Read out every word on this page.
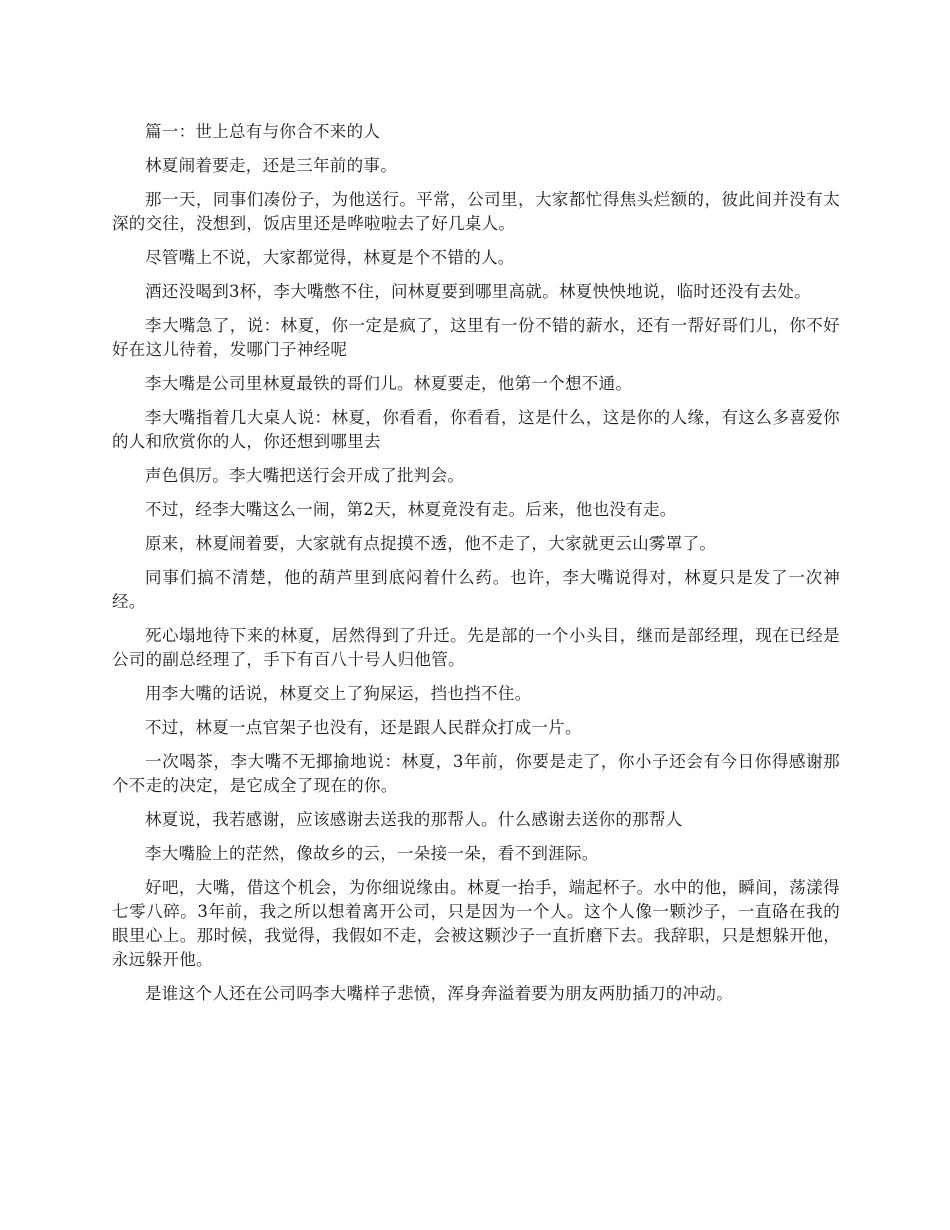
篇一：世上总有与你合不来的人

林夏闹着要走，还是三年前的事。

那一天，同事们凑份子，为他送行。平常，公司里，大家都忙得焦头烂额的，彼此间并没有太深的交往，没想到，饭店里还是哗啦啦去了好几桌人。

尽管嘴上不说，大家都觉得，林夏是个不错的人。

酒还没喝到3杯，李大嘴憋不住，问林夏要到哪里高就。林夏怏怏地说，临时还没有去处。

李大嘴急了，说：林夏，你一定是疯了，这里有一份不错的薪水，还有一帮好哥们儿，你不好好在这儿待着，发哪门子神经呢

李大嘴是公司里林夏最铁的哥们儿。林夏要走，他第一个想不通。

李大嘴指着几大桌人说：林夏，你看看，你看看，这是什么，这是你的人缘，有这么多喜爱你的人和欣赏你的人，你还想到哪里去

声色俱厉。李大嘴把送行会开成了批判会。

不过，经李大嘴这么一闹，第2天，林夏竟没有走。后来，他也没有走。

原来，林夏闹着要，大家就有点捉摸不透，他不走了，大家就更云山雾罩了。

同事们搞不清楚，他的葫芦里到底闷着什么药。也许，李大嘴说得对，林夏只是发了一次神经。

死心塌地待下来的林夏，居然得到了升迁。先是部的一个小头目，继而是部经理，现在已经是公司的副总经理了，手下有百八十号人归他管。

用李大嘴的话说，林夏交上了狗屎运，挡也挡不住。

不过，林夏一点官架子也没有，还是跟人民群众打成一片。

一次喝茶，李大嘴不无揶揄地说：林夏，3年前，你要是走了，你小子还会有今日你得感谢那个不走的决定，是它成全了现在的你。

林夏说，我若感谢，应该感谢去送我的那帮人。什么感谢去送你的那帮人

李大嘴脸上的茫然，像故乡的云，一朵接一朵，看不到涯际。

好吧，大嘴，借这个机会，为你细说缘由。林夏一抬手，端起杯子。水中的他，瞬间，荡漾得七零八碎。3年前，我之所以想着离开公司，只是因为一个人。这个人像一颗沙子，一直硌在我的眼里心上。那时候，我觉得，我假如不走，会被这颗沙子一直折磨下去。我辞职，只是想躲开他，永远躲开他。

是谁这个人还在公司吗李大嘴样子悲愤，浑身奔溢着要为朋友两肋插刀的冲动。
